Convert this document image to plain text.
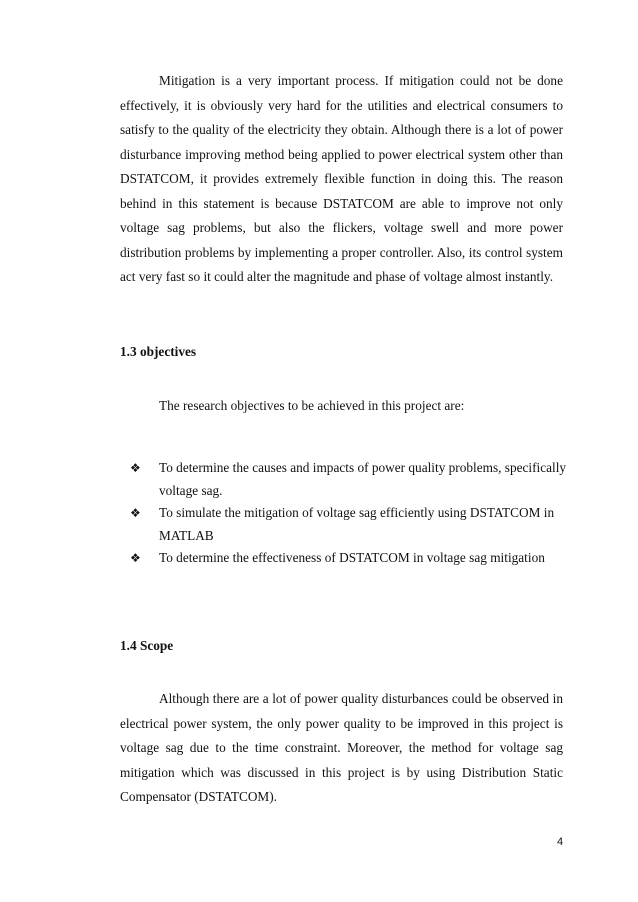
Mitigation is a very important process. If mitigation could not be done effectively, it is obviously very hard for the utilities and electrical consumers to satisfy to the quality of the electricity they obtain. Although there is a lot of power disturbance improving method being applied to power electrical system other than DSTATCOM, it provides extremely flexible function in doing this. The reason behind in this statement is because DSTATCOM are able to improve not only voltage sag problems, but also the flickers, voltage swell and more power distribution problems by implementing a proper controller. Also, its control system act very fast so it could alter the magnitude and phase of voltage almost instantly.

1.3 objectives
The research objectives to be achieved in this project are:
❖ To determine the causes and impacts of power quality problems, specifically voltage sag.
❖ To simulate the mitigation of voltage sag efficiently using DSTATCOM in MATLAB
❖ To determine the effectiveness of DSTATCOM in voltage sag mitigation
1.4 Scope

Although there are a lot of power quality disturbances could be observed in electrical power system, the only power quality to be improved in this project is voltage sag due to the time constraint. Moreover, the method for voltage sag mitigation which was discussed in this project is by using Distribution Static Compensator (DSTATCOM).

4
